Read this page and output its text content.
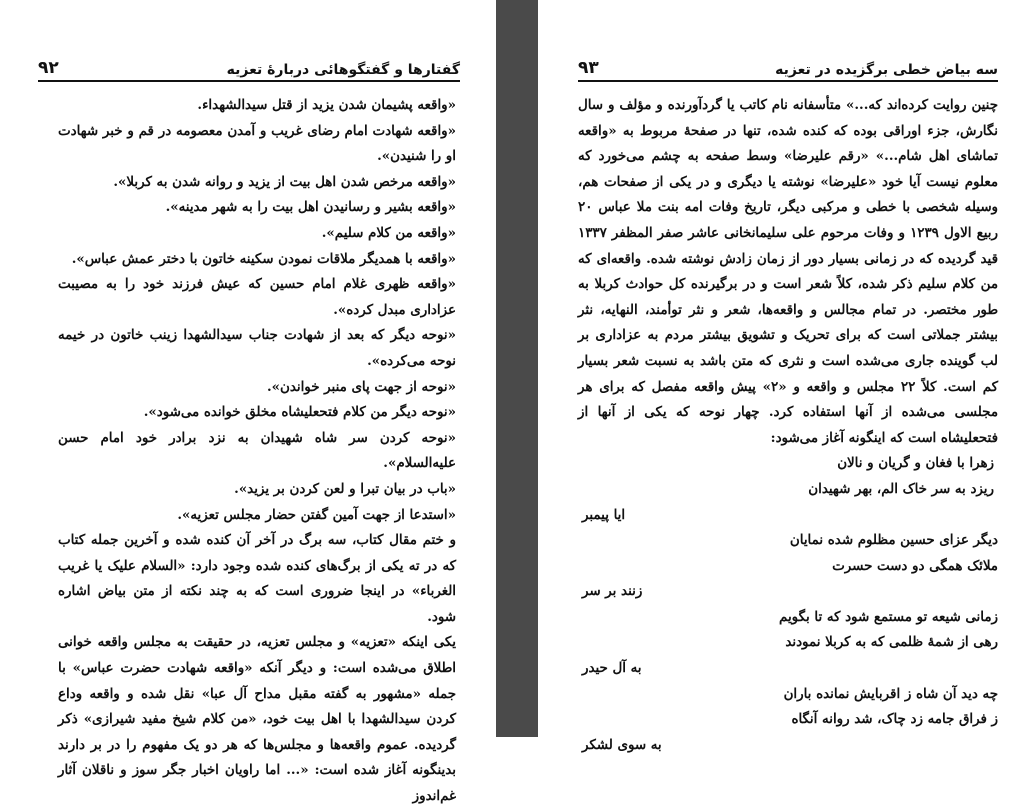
گفتارها و گفتگوهائی دربارهٔ تعزیه
۹۲

«واقعه پشیمان شدن یزید از قتل سیدالشهداء.

«واقعه شهادت امام رضای غریب و آمدن معصومه در قم و خبر شهادت او را شنیدن».

«واقعه مرخص شدن اهل بیت از یزید و روانه شدن به کربلا».

«واقعه بشیر و رسانیدن اهل بیت را به شهر مدینه».

«واقعه من کلام سلیم».

«واقعه با همدیگر ملاقات نمودن سکینه خاتون با دختر عمش عباس».

«واقعه ظهری غلام امام حسین که عیش فرزند خود را به مصیبت عزاداری مبدل کرده».

«نوحه دیگر که بعد از شهادت جناب سیدالشهدا زینب خاتون در خیمه نوحه می‌کرده».

«نوحه از جهت پای منبر خواندن».

«نوحه دیگر من کلام فتحعلیشاه مخلق خوانده می‌شود».

«نوحه کردن سر شاه شهیدان به نزد برادر خود امام حسن علیه‌السلام».

«باب در بیان تبرا و لعن کردن بر یزید».

«استدعا از جهت آمین گفتن حضار مجلس تعزیه».

و ختم مقال کتاب، سه برگ در آخر آن کنده شده و آخرین جمله کتاب که در ته یکی از برگ‌های کنده شده وجود دارد: «السلام علیک یا غریب الغرباء» در اینجا ضروری است که به چند نکته از متن بیاض اشاره شود.

یکی اینکه «تعزیه» و مجلس تعزیه، در حقیقت به مجلس واقعه خوانی اطلاق می‌شده است: و دیگر آنکه «واقعه شهادت حضرت عباس» با جمله «مشهور به گفته مقبل مداح آل عبا» نقل شده و واقعه وداع کردن سیدالشهدا با اهل بیت خود، «من کلام شیخ مفید شیرازی» ذکر گردیده. عموم واقعه‌ها و مجلس‌ها که هر دو یک مفهوم را در بر دارند بدینگونه آغاز شده است: «... اما راویان اخبار جگر سوز و ناقلان آثار غم‌اندوز

سه بیاض خطی برگزیده در تعزیه
۹۳

چنین روایت کرده‌اند که...» متأسفانه نام کاتب یا گردآورنده و مؤلف و سال نگارش، جزء اوراقی بوده که کنده شده، تنها در صفحهٔ مربوط به «واقعه تماشای اهل شام...» «رقم علیرضا» وسط صفحه به چشم می‌خورد که معلوم نیست آیا خود «علیرضا» نوشته یا دیگری و در یکی از صفحات هم، وسیله شخصی با خطی و مرکبی دیگر، تاریخ وفات امه بنت ملا عباس ۲۰ ربیع الاول ۱۲۳۹ و وفات مرحوم علی سلیمانخانی عاشر صفر المظفر ۱۳۳۷ قید گردیده که در زمانی بسیار دور از زمان زادش نوشته شده. واقعه‌ای که من کلام سلیم ذکر شده، کلاً شعر است و در برگیرنده کل حوادث کربلا به طور مختصر. در تمام مجالس و واقعه‌ها، شعر و نثر توأمند، النهایه، نثر بیشتر جملاتی است که برای تحریک و تشویق بیشتر مردم به عزاداری بر لب گوینده جاری می‌شده است و نثری که متن باشد به نسبت شعر بسیار کم است. کلاً ۲۲ مجلس و واقعه و «۲» پیش واقعه مفصل که برای هر مجلسی می‌شده از آنها استفاده کرد. چهار نوحه که یکی از آنها از فتحعلیشاه است که اینگونه آغاز می‌شود:

زهرا با فغان و گریان و نالان
ریزد به سر خاک الم، بهر شهیدان
ایا پیمبر
دیگر عزای حسین مظلوم شده نمایان
ملائک همگی دو دست حسرت
زنند بر سر
زمانی شیعه تو مستمع شود که تا بگویم
رهی از شمهٔ ظلمی که به کربلا نمودند
به آل حیدر
چه دید آن شاه ز اقربایش نمانده باران
ز فراق جامه زد چاک، شد روانه آنگاه
به سوی لشکر
